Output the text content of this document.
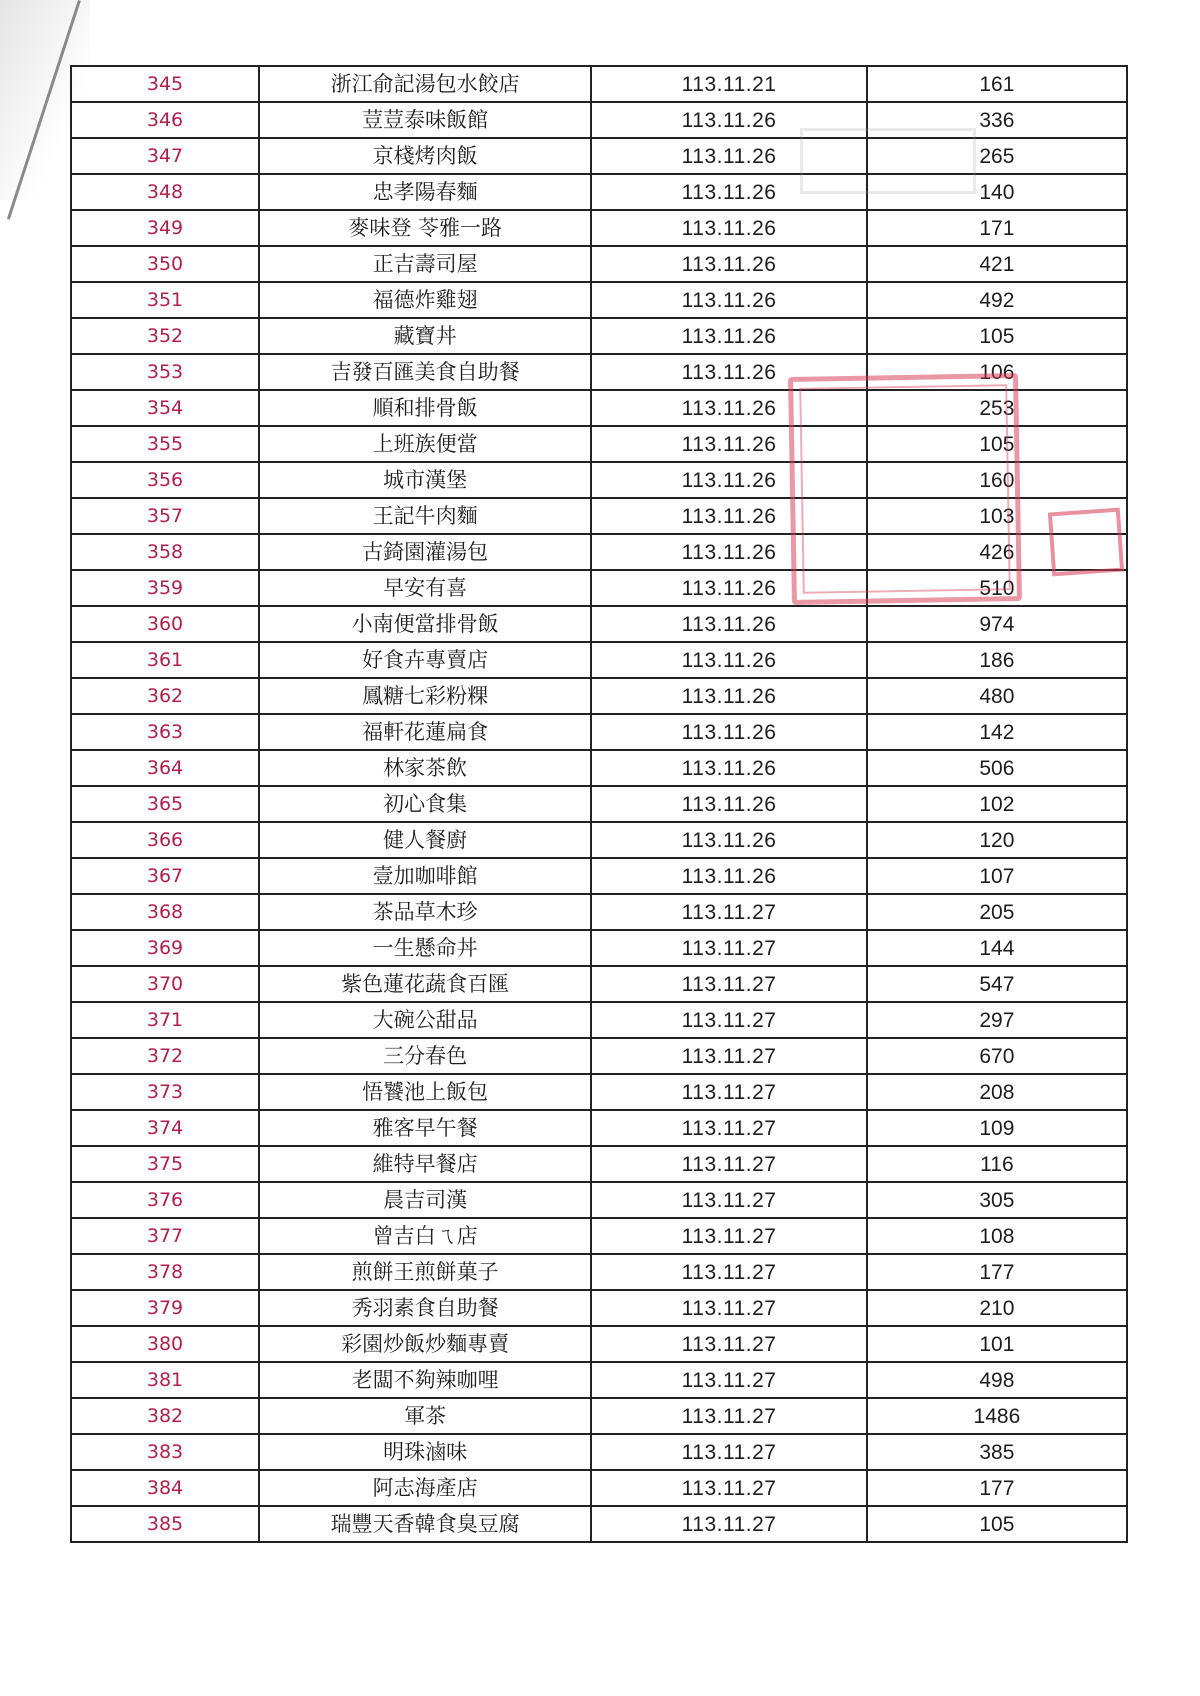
345	浙江俞記湯包水餃店	113.11.21	161
346	荳荳泰味飯館	113.11.26	336
347	京棧烤肉飯	113.11.26	265
348	忠孝陽春麵	113.11.26	140
349	麥味登 苓雅一路	113.11.26	171
350	正吉壽司屋	113.11.26	421
351	福德炸雞翅	113.11.26	492
352	藏寶丼	113.11.26	105
353	吉發百匯美食自助餐	113.11.26	106
354	順和排骨飯	113.11.26	253
355	上班族便當	113.11.26	105
356	城市漢堡	113.11.26	160
357	王記牛肉麵	113.11.26	103
358	古錡園灌湯包	113.11.26	426
359	早安有喜	113.11.26	510
360	小南便當排骨飯	113.11.26	974
361	好食卉專賣店	113.11.26	186
362	鳳糖七彩粉粿	113.11.26	480
363	福軒花蓮扁食	113.11.26	142
364	林家茶飲	113.11.26	506
365	初心食集	113.11.26	102
366	健人餐廚	113.11.26	120
367	壹加咖啡館	113.11.26	107
368	茶品草木珍	113.11.27	205
369	一生懸命丼	113.11.27	144
370	紫色蓮花蔬食百匯	113.11.27	547
371	大碗公甜品	113.11.27	297
372	三分春色	113.11.27	670
373	悟饕池上飯包	113.11.27	208
374	雅客早午餐	113.11.27	109
375	維特早餐店	113.11.27	116
376	晨吉司漢	113.11.27	305
377	曾吉白ㄟ店	113.11.27	108
378	煎餅王煎餅菓子	113.11.27	177
379	秀羽素食自助餐	113.11.27	210
380	彩園炒飯炒麵專賣	113.11.27	101
381	老闆不夠辣咖哩	113.11.27	498
382	軍茶	113.11.27	1486
383	明珠滷味	113.11.27	385
384	阿志海產店	113.11.27	177
385	瑞豐天香韓食臭豆腐	113.11.27	105
